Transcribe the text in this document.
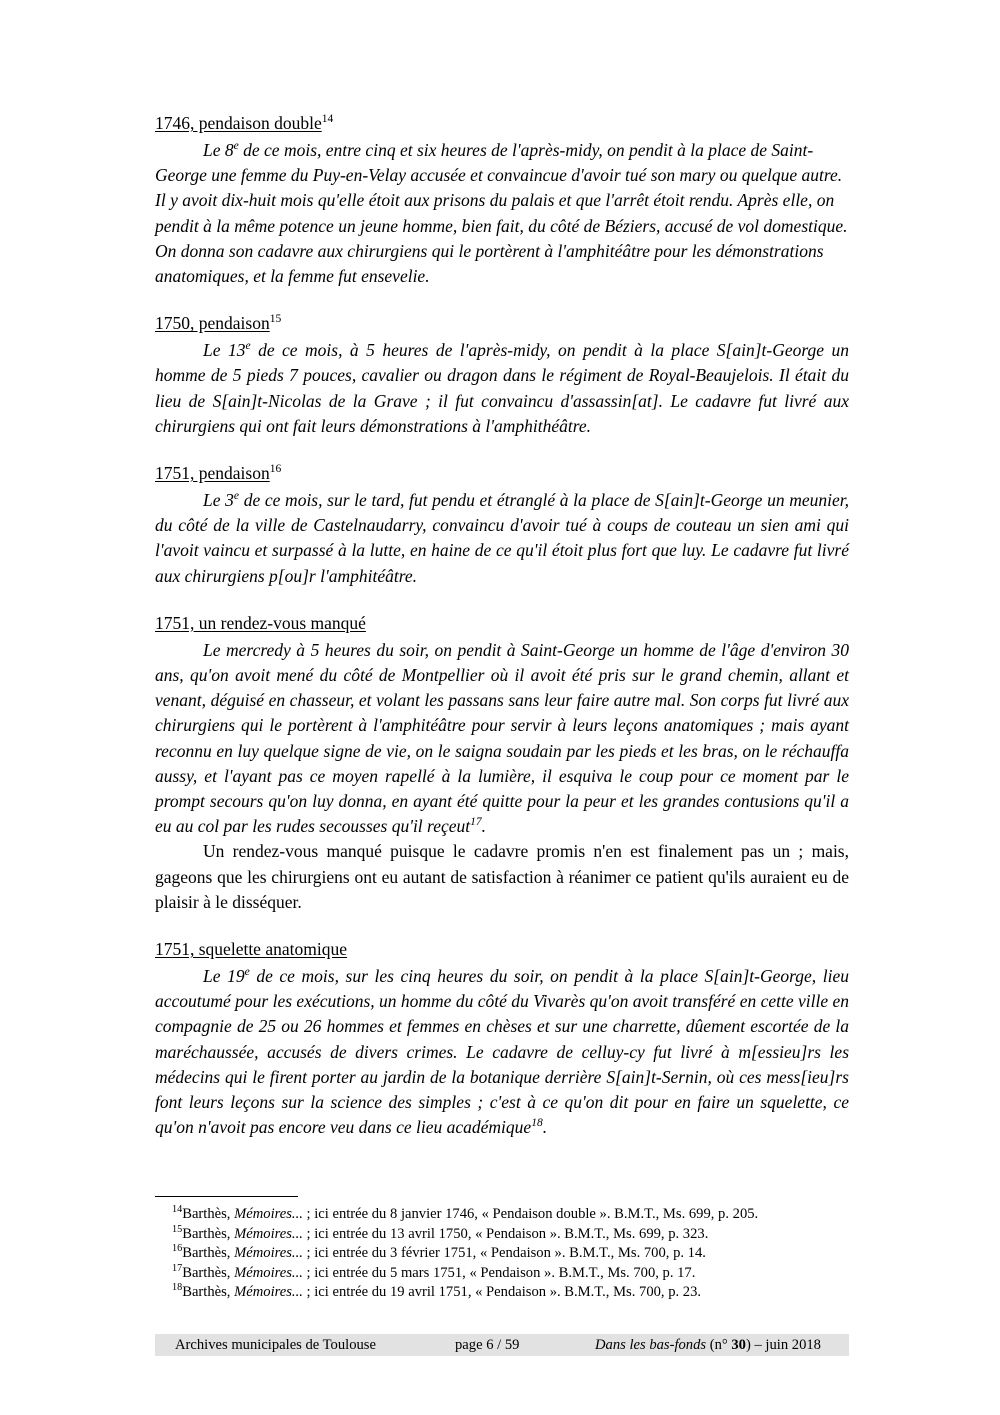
1746, pendaison double$^{14}$

Le 8e de ce mois, entre cinq et six heures de l'après-midy, on pendit à la place de Saint-George une femme du Puy-en-Velay accusée et convaincue d'avoir tué son mary ou quelque autre. Il y avoit dix-huit mois qu'elle étoit aux prisons du palais et que l'arrêt étoit rendu. Après elle, on pendit à la même potence un jeune homme, bien fait, du côté de Béziers, accusé de vol domestique. On donna son cadavre aux chirurgiens qui le portèrent à l'amphitéâtre pour les démonstrations anatomiques, et la femme fut ensevelie.

1750, pendaison$^{15}$

Le 13e de ce mois, à 5 heures de l'après-midy, on pendit à la place S[ain]t-George un homme de 5 pieds 7 pouces, cavalier ou dragon dans le régiment de Royal-Beaujelois. Il était du lieu de S[ain]t-Nicolas de la Grave ; il fut convaincu d'assassin[at]. Le cadavre fut livré aux chirurgiens qui ont fait leurs démonstrations à l'amphithéâtre.

1751, pendaison$^{16}$

Le 3e de ce mois, sur le tard, fut pendu et étranglé à la place de S[ain]t-George un meunier, du côté de la ville de Castelnaudarry, convaincu d'avoir tué à coups de couteau un sien ami qui l'avoit vaincu et surpassé à la lutte, en haine de ce qu'il étoit plus fort que luy. Le cadavre fut livré aux chirurgiens p[ou]r l'amphitéâtre.

1751, un rendez-vous manqué

Le mercredy à 5 heures du soir, on pendit à Saint-George un homme de l'âge d'environ 30 ans, qu'on avoit mené du côté de Montpellier où il avoit été pris sur le grand chemin, allant et venant, déguisé en chasseur, et volant les passans sans leur faire autre mal. Son corps fut livré aux chirurgiens qui le portèrent à l'amphitéâtre pour servir à leurs leçons anatomiques ; mais ayant reconnu en luy quelque signe de vie, on le saigna soudain par les pieds et les bras, on le réchauffa aussy, et l'ayant pas ce moyen rapellé à la lumière, il esquiva le coup pour ce moment par le prompt secours qu'on luy donna, en ayant été quitte pour la peur et les grandes contusions qu'il a eu au col par les rudes secousses qu'il reçeut$^{17}$.

Un rendez-vous manqué puisque le cadavre promis n'en est finalement pas un ; mais, gageons que les chirurgiens ont eu autant de satisfaction à réanimer ce patient qu'ils auraient eu de plaisir à le disséquer.

1751, squelette anatomique

Le 19e de ce mois, sur les cinq heures du soir, on pendit à la place S[ain]t-George, lieu accoutumé pour les exécutions, un homme du côté du Vivarès qu'on avoit transféré en cette ville en compagnie de 25 ou 26 hommes et femmes en chèses et sur une charrette, dûement escortée de la maréchaussée, accusés de divers crimes. Le cadavre de celluy-cy fut livré à m[essieu]rs les médecins qui le firent porter au jardin de la botanique derrière S[ain]t-Sernin, où ces mess[ieu]rs font leurs leçons sur la science des simples ; c'est à ce qu'on dit pour en faire un squelette, ce qu'on n'avoit pas encore veu dans ce lieu académique$^{18}$.

$^{14}$Barthès, Mémoires... ; ici entrée du 8 janvier 1746, « Pendaison double ». B.M.T., Ms. 699, p. 205.

$^{15}$Barthès, Mémoires... ; ici entrée du 13 avril 1750, « Pendaison ». B.M.T., Ms. 699, p. 323.

$^{16}$Barthès, Mémoires... ; ici entrée du 3 février 1751, « Pendaison ». B.M.T., Ms. 700, p. 14.

$^{17}$Barthès, Mémoires... ; ici entrée du 5 mars 1751, « Pendaison ». B.M.T., Ms. 700, p. 17.

$^{18}$Barthès, Mémoires... ; ici entrée du 19 avril 1751, « Pendaison ». B.M.T., Ms. 700, p. 23.

Archives municipales de Toulouse	page 6 / 59	Dans les bas-fonds (n° 30) – juin 2018
